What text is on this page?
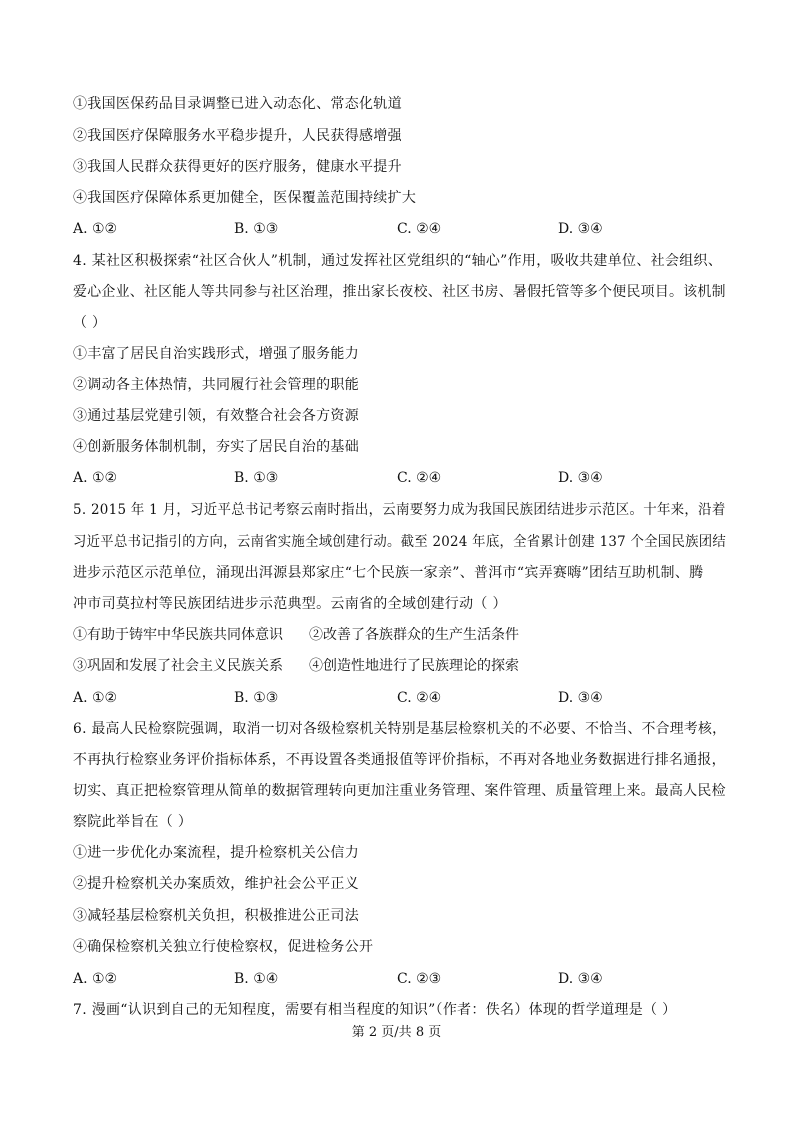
①我国医保药品目录调整已进入动态化、常态化轨道
②我国医疗保障服务水平稳步提升，人民获得感增强
③我国人民群众获得更好的医疗服务，健康水平提升
④我国医疗保障体系更加健全，医保覆盖范围持续扩大
A. ①②	B. ①③	C. ②④	D. ③④
4. 某社区积极探索“社区合伙人”机制，通过发挥社区党组织的“轴心”作用，吸收共建单位、社会组织、
爱心企业、社区能人等共同参与社区治理，推出家长夜校、社区书房、暑假托管等多个便民项目。该机制
（ ）
①丰富了居民自治实践形式，增强了服务能力
②调动各主体热情，共同履行社会管理的职能
③通过基层党建引领，有效整合社会各方资源
④创新服务体制机制，夯实了居民自治的基础
A. ①②	B. ①③	C. ②④	D. ③④
5. 2015 年 1 月，习近平总书记考察云南时指出，云南要努力成为我国民族团结进步示范区。十年来，沿着
习近平总书记指引的方向，云南省实施全域创建行动。截至 2024 年底，全省累计创建 137 个全国民族团结
进步示范区示范单位，涌现出洱源县郑家庄“七个民族一家亲”、普洱市“宾弄赛嗨”团结互助机制、腾
冲市司莫拉村等民族团结进步示范典型。云南省的全域创建行动（ ）
①有助于铸牢中华民族共同体意识 ②改善了各族群众的生产生活条件
③巩固和发展了社会主义民族关系 ④创造性地进行了民族理论的探索
A. ①②	B. ①③	C. ②④	D. ③④
6. 最高人民检察院强调，取消一切对各级检察机关特别是基层检察机关的不必要、不恰当、不合理考核，
不再执行检察业务评价指标体系，不再设置各类通报值等评价指标，不再对各地业务数据进行排名通报，
切实、真正把检察管理从简单的数据管理转向更加注重业务管理、案件管理、质量管理上来。最高人民检
察院此举旨在（ ）
①进一步优化办案流程，提升检察机关公信力
②提升检察机关办案质效，维护社会公平正义
③减轻基层检察机关负担，积极推进公正司法
④确保检察机关独立行使检察权，促进检务公开
A. ①②	B. ①④	C. ②③	D. ③④
7. 漫画“认识到自己的无知程度，需要有相当程度的知识”（作者：佚名）体现的哲学道理是（ ）
第 2 页/共 8 页
